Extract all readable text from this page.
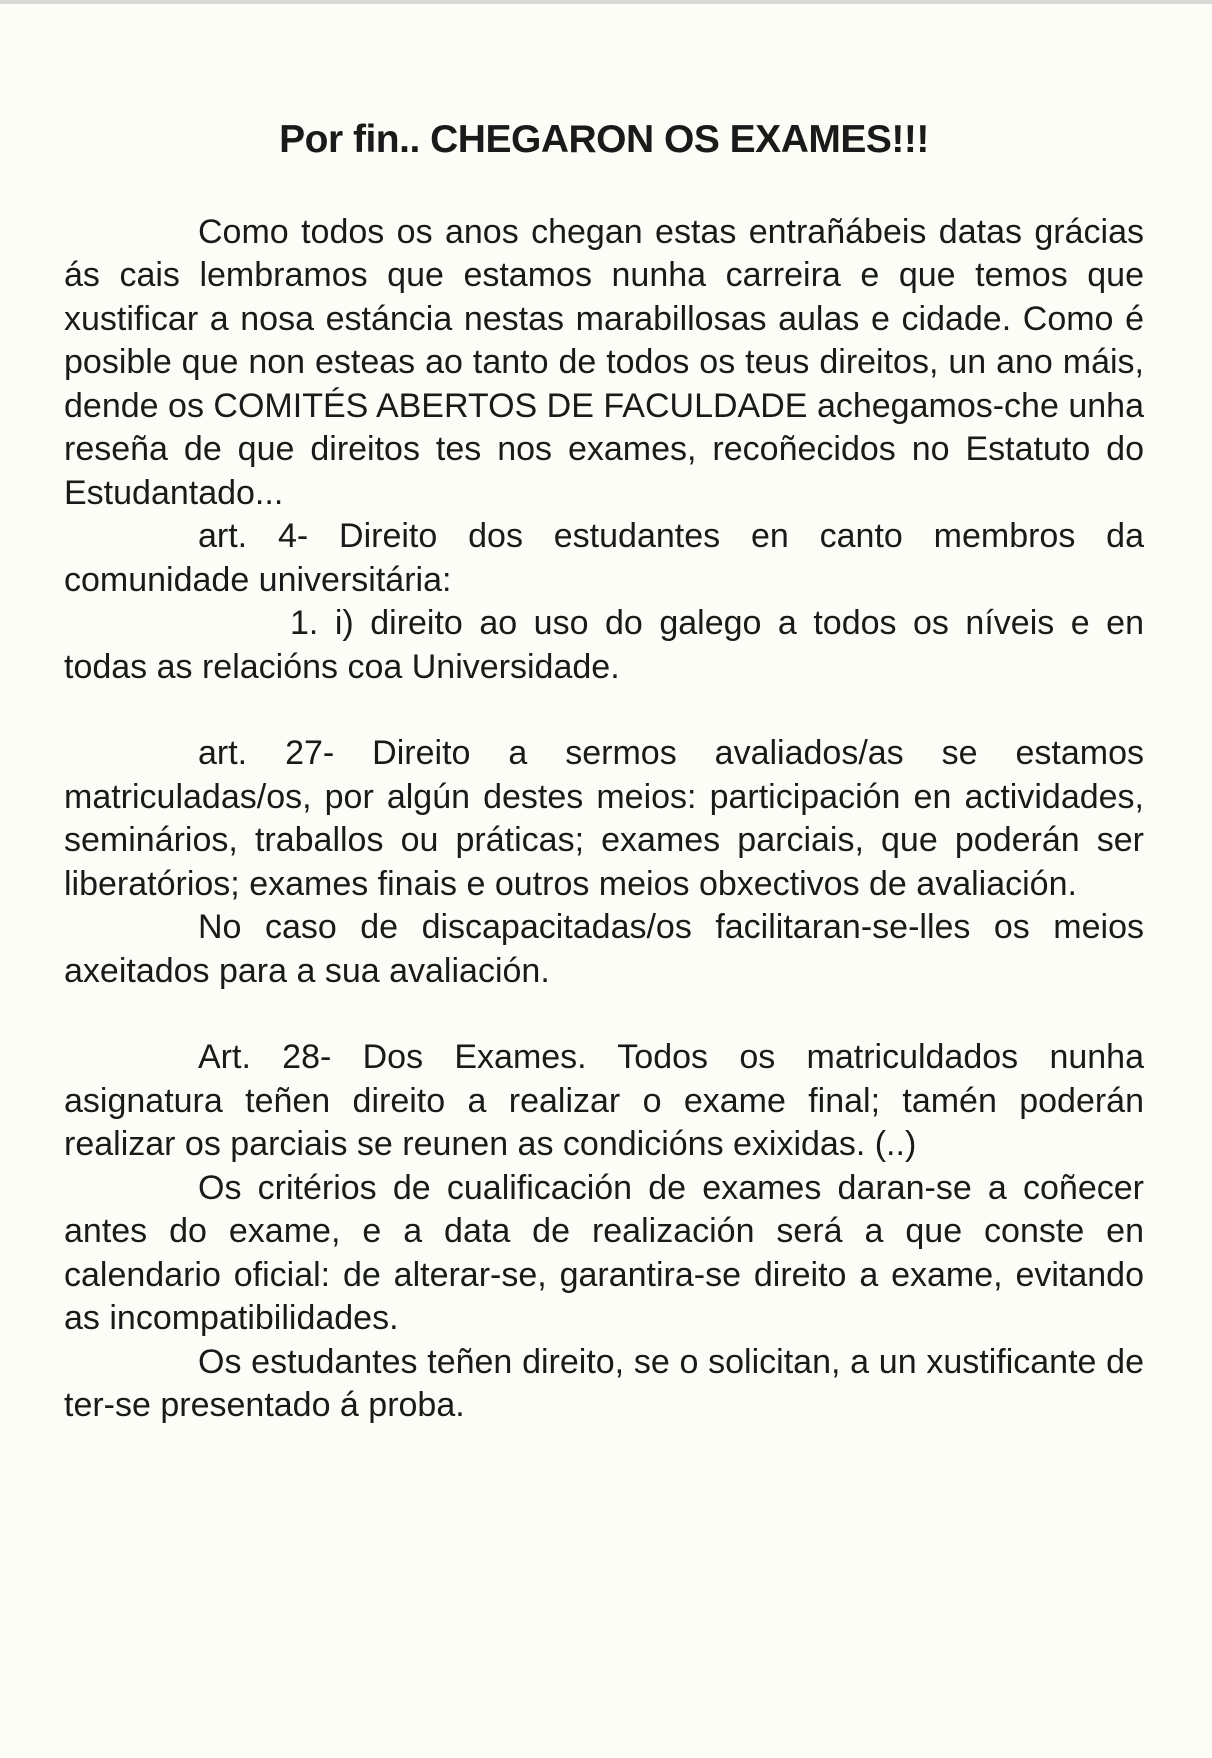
Por fin.. CHEGARON OS EXAMES!!!

Como todos os anos chegan estas entrañábeis datas grácias ás cais lembramos que estamos nunha carreira e que temos que xustificar a nosa estáncia nestas marabillosas aulas e cidade. Como é posible que non esteas ao tanto de todos os teus direitos, un ano máis, dende os COMITÉS ABERTOS DE FACULDADE achegamos-che unha reseña de que direitos tes nos exames, recoñecidos no Estatuto do Estudantado...

art. 4- Direito dos estudantes en canto membros da comunidade universitária:

1. i) direito ao uso do galego a todos os níveis e en todas as relacións coa Universidade.

art. 27- Direito a sermos avaliados/as se estamos matriculadas/os, por algún destes meios: participación en actividades, seminários, traballos ou práticas; exames parciais, que poderán ser liberatórios; exames finais e outros meios obxectivos de avaliación.

No caso de discapacitadas/os facilitaran-se-lles os meios axeitados para a sua avaliación.

Art. 28- Dos Exames. Todos os matriculdados nunha asignatura teñen direito a realizar o exame final; tamén poderán realizar os parciais se reunen as condicións exixidas. (..)

Os critérios de cualificación de exames daran-se a coñecer antes do exame, e a data de realización será a que conste en calendario oficial: de alterar-se, garantira-se direito a exame, evitando as incompatibilidades.

Os estudantes teñen direito, se o solicitan, a un xustificante de ter-se presentado á proba.
